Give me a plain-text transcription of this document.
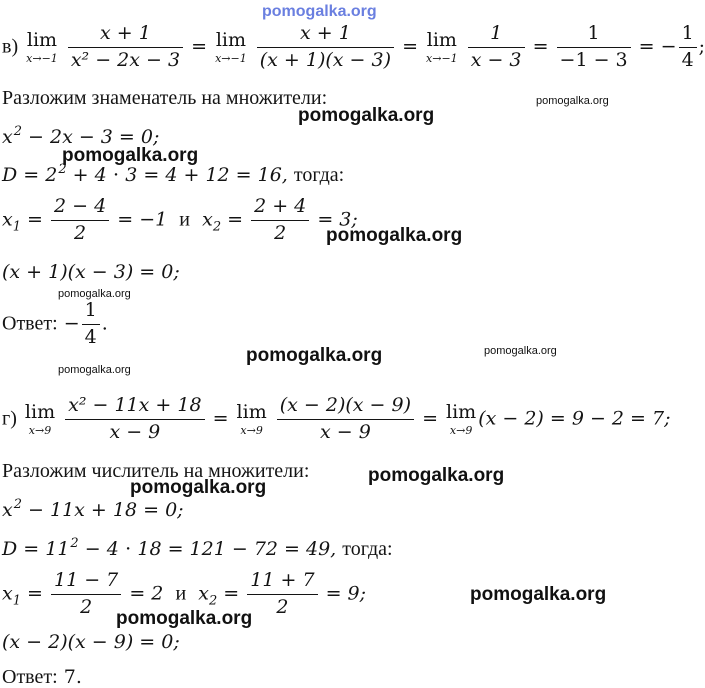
pomogalka.org
pomogalka.org
pomogalka.org
pomogalka.org
pomogalka.org
pomogalka.org
pomogalka.org	pomogalka.org
pomogalka.org
pomogalka.org
pomogalka.org
pomogalka.org
pomogalka.org
в) lim
x→−1
$\frac{x + 1}{\text{x² − 2x − 3}} = \lim$
x→−1
$\frac{x + 1}{(x + 1)(x - 3)} = \lim$
x→−1
$\frac{1}{x - 3} = \frac{1}{-1 - 3}$ = − $\frac{1}{4}$ ;
Разложим знаменатель на множители:
$x^2 - 2x - 3 = 0$;
$D = 2^2 + 4 \cdot 3 = 4 + 12 = 16$, тогда:
$x_1 = \frac{2 - 4}{2} = -1$ и $x_2 = \frac{2 + 4}{2} = 3$;
(x + 1)(x − 3) = 0;
Ответ: − $\frac{1}{4}$ .
г) lim
x→9
$\frac{\text{x² − 11x + 18}}{x - 9} = \lim$
x→9
$\frac{(x - 2)(x - 9)}{x - 9} = \lim$
x→9
(x − 2) = 9 − 2 = 7;
Разложим числитель на множители:
$x^2 - 11x + 18 = 0$;
$D = 11^2 - 4 \cdot 18 = 121 - 72 = 49$, тогда:
$x_1 = \frac{11 - 7}{2} = 2$ и $x_2 = \frac{11 + 7}{2} = 9$;
(x − 2)(x − 9) = 0;
Ответ: 7.
